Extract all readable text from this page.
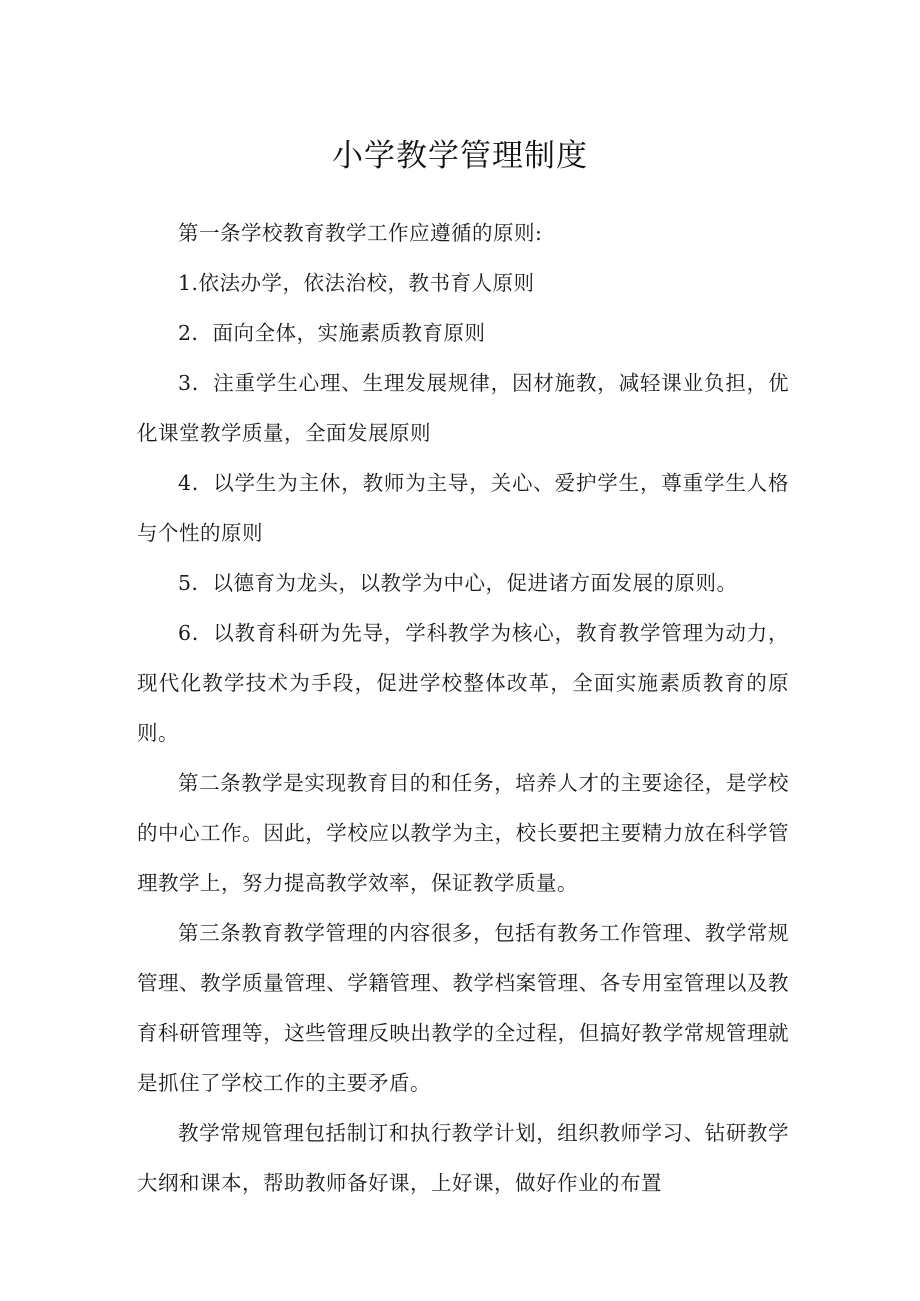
小学教学管理制度

第一条学校教育教学工作应遵循的原则:

1.依法办学，依法治校，教书育人原则

2．面向全体，实施素质教育原则

3．注重学生心理、生理发展规律，因材施教，减轻课业负担，优化课堂教学质量，全面发展原则

4．以学生为主休，教师为主导，关心、爱护学生，尊重学生人格与个性的原则

5．以德育为龙头，以教学为中心，促进诸方面发展的原则。

6．以教育科研为先导，学科教学为核心，教育教学管理为动力，现代化教学技术为手段，促进学校整体改革，全面实施素质教育的原则。

第二条教学是实现教育目的和任务，培养人才的主要途径，是学校的中心工作。因此，学校应以教学为主，校长要把主要精力放在科学管理教学上，努力提高教学效率，保证教学质量。

第三条教育教学管理的内容很多，包括有教务工作管理、教学常规管理、教学质量管理、学籍管理、教学档案管理、各专用室管理以及教育科研管理等，这些管理反映出教学的全过程，但搞好教学常规管理就是抓住了学校工作的主要矛盾。

教学常规管理包括制订和执行教学计划，组织教师学习、钻研教学大纲和课本，帮助教师备好课，上好课，做好作业的布置
